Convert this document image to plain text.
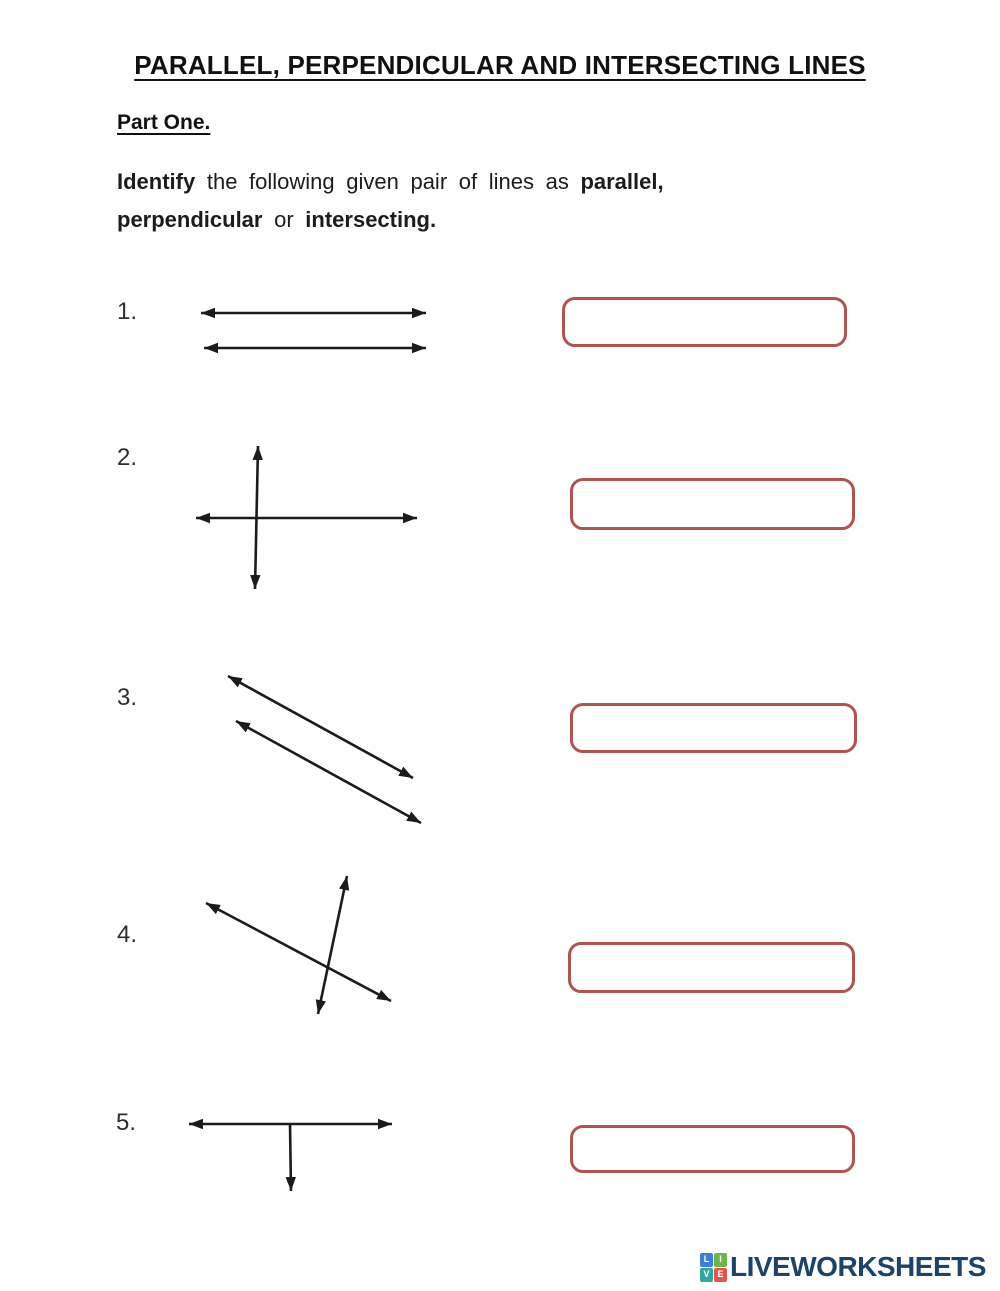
PARALLEL, PERPENDICULAR AND INTERSECTING LINES
Part One.

Identify the following given pair of lines as parallel,
perpendicular or intersecting.

1.
2.
3.
4.
5.
L	I
V E LIVEWORKSHEETS
